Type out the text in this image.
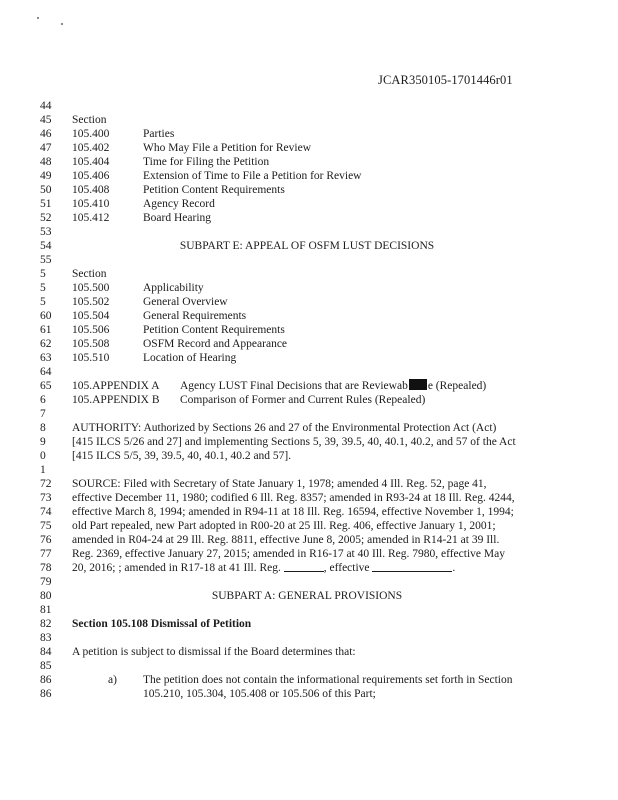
JCAR350105-1701446r01
44
45	Section
46	105.400	Parties
47	105.402	Who May File a Petition for Review
48	105.404	Time for Filing the Petition
49	105.406	Extension of Time to File a Petition for Review
50	105.408	Petition Content Requirements
51	105.410	Agency Record
52	105.412	Board Hearing
53
54	SUBPART E: APPEAL OF OSFM LUST DECISIONS
55
5	Section
5	105.500	Applicability
5	105.502	General Overview
60	105.504	General Requirements
61	105.506	Petition Content Requirements
62	105.508	OSFM Record and Appearance
63	105.510	Location of Hearing
64
65	105.APPENDIX A Agency LUST Final Decisions that are Reviewab e (Repealed)
6	105.APPENDIX B Comparison of Former and Current Rules (Repealed)
7
8	AUTHORITY: Authorized by Sections 26 and 27 of the Environmental Protection Act (Act)
9	[415 ILCS 5/26 and 27] and implementing Sections 5, 39, 39.5, 40, 40.1, 40.2, and 57 of the Act
0	[415 ILCS 5/5, 39, 39.5, 40, 40.1, 40.2 and 57].
1
72	SOURCE: Filed with Secretary of State January 1, 1978; amended 4 Ill. Reg. 52, page 41,
73	effective December 11, 1980; codified 6 Ill. Reg. 8357; amended in R93-24 at 18 Ill. Reg. 4244,
74	effective March 8, 1994; amended in R94-11 at 18 Ill. Reg. 16594, effective November 1, 1994;
75	old Part repealed, new Part adopted in R00-20 at 25 Ill. Reg. 406, effective January 1, 2001;
76	amended in R04-24 at 29 Ill. Reg. 8811, effective June 8, 2005; amended in R14-21 at 39 Ill.
77	Reg. 2369, effective January 27, 2015; amended in R16-17 at 40 Ill. Reg. 7980, effective May
78	20, 2016; ; amended in R17-18 at 41 Ill. Reg.	, effective	.
79
80	SUBPART A: GENERAL PROVISIONS
81
82	Section 105.108 Dismissal of Petition
83
84	A petition is subject to dismissal if the Board determines that:
85
86	a) The petition does not contain the informational requirements set forth in Section
86	105.210, 105.304, 105.408 or 105.506 of this Part;
